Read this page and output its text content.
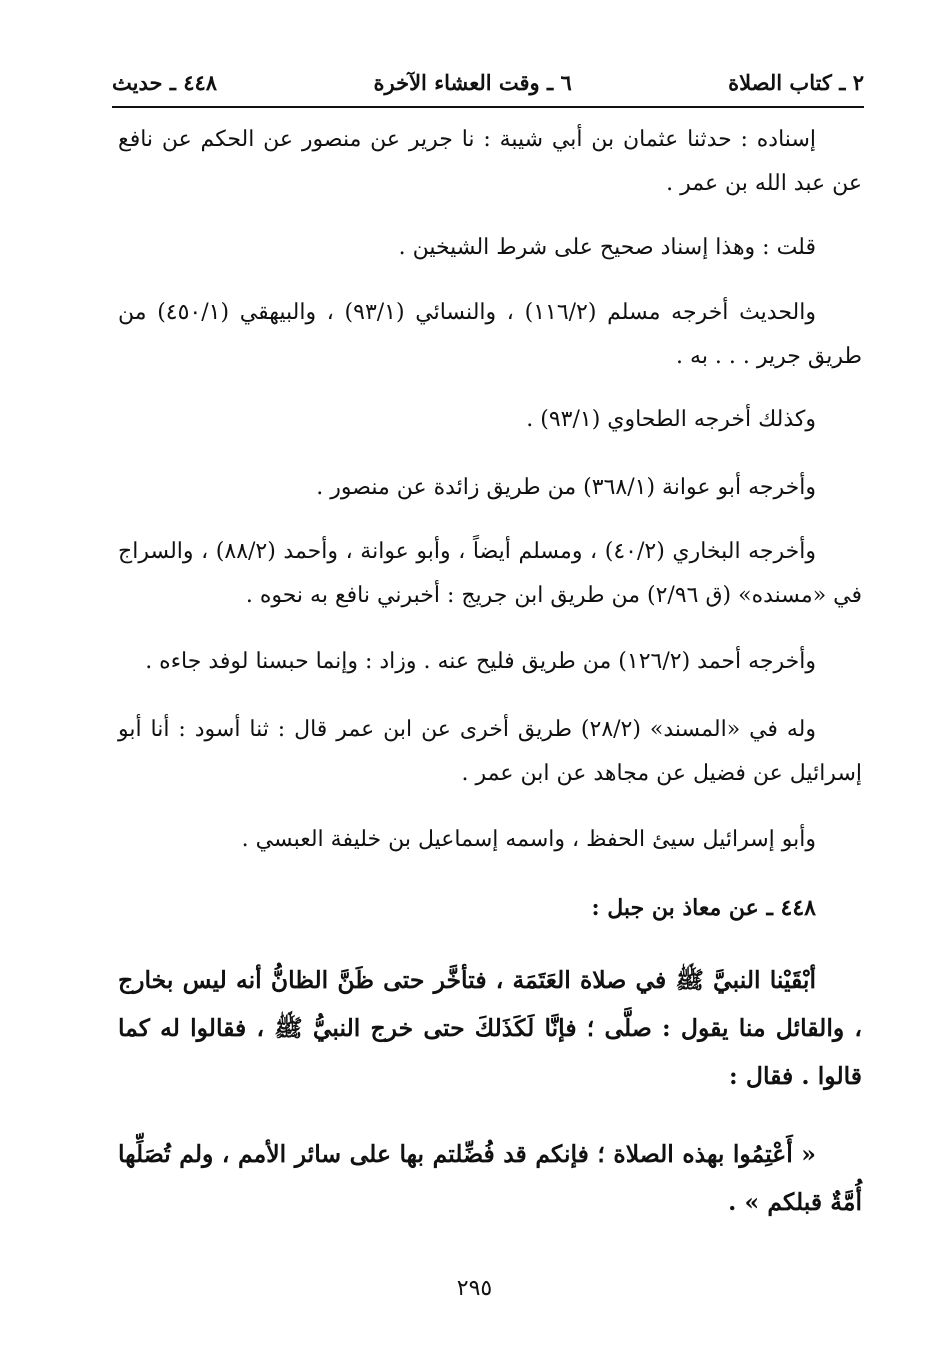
٢ ـ كتاب الصلاة
٦ ـ وقت العشاء الآخرة
٤٤٨ ـ حديث

إسناده : حدثنا عثمان بن أبي شيبة : نا جرير عن منصور عن الحكم عن نافع عن عبد الله بن عمر .

قلت : وهذا إسناد صحيح على شرط الشيخين .

والحديث أخرجه مسلم (١١٦/٢) ، والنسائي (٩٣/١) ، والبيهقي (٤٥٠/١) من طريق جرير . . . به .

وكذلك أخرجه الطحاوي (٩٣/١) .

وأخرجه أبو عوانة (٣٦٨/١) من طريق زائدة عن منصور .

وأخرجه البخاري (٤٠/٢) ، ومسلم أيضاً ، وأبو عوانة ، وأحمد (٨٨/٢) ، والسراج في «مسنده» (ق ٢/٩٦) من طريق ابن جريج : أخبرني نافع به نحوه .

وأخرجه أحمد (١٢٦/٢) من طريق فليح عنه . وزاد : وإنما حبسنا لوفد جاءه .

وله في «المسند» (٢٨/٢) طريق أخرى عن ابن عمر قال : ثنا أسود : أنا أبو إسرائيل عن فضيل عن مجاهد عن ابن عمر .

وأبو إسرائيل سيئ الحفظ ، واسمه إسماعيل بن خليفة العبسي .

٤٤٨ ـ عن معاذ بن جبل :

أبْقَيْنا النبيَّ ﷺ في صلاة العَتَمَة ، فتأخَّر حتى ظَنَّ الظانُّ أنه ليس بخارج ، والقائل منا يقول : صلَّى ؛ فإنَّا لَكَذَلكَ حتى خرج النبيُّ ﷺ ، فقالوا له كما قالوا . فقال :

« أَعْتِمُوا بهذه الصلاة ؛ فإنكم قد فُضِّلتم بها على سائر الأمم ، ولم تُصَلِّها أُمَّةٌ قبلكم » .

٢٩٥
